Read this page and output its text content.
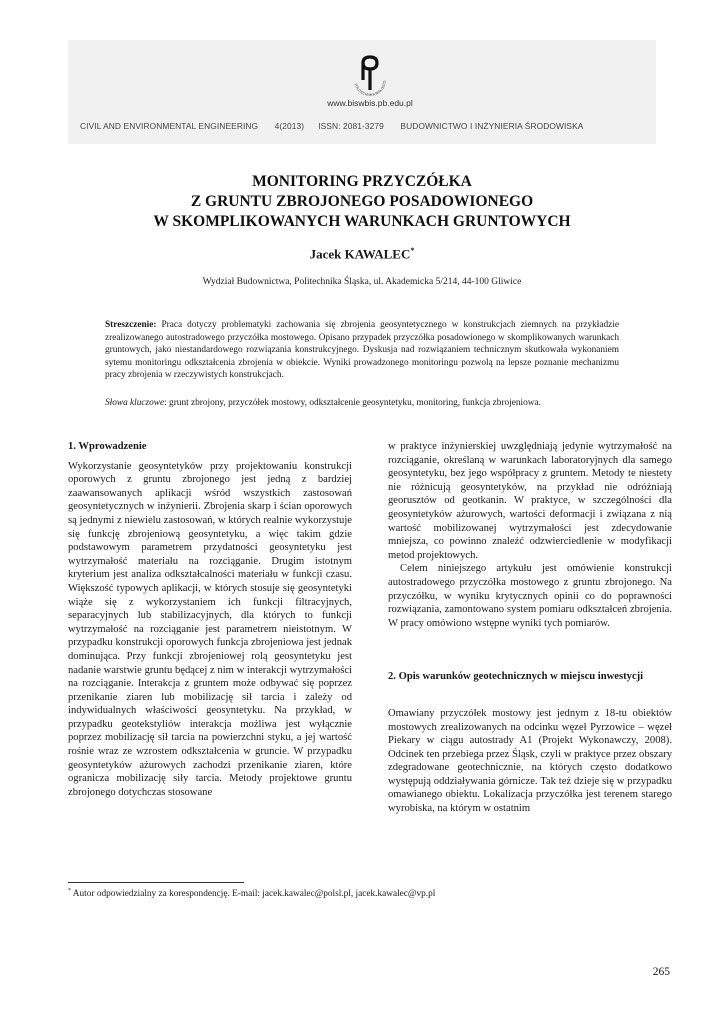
POLITECHNIKA BIAŁOSTO
www.biswbis.pb.edu.pl
CIVIL AND ENVIRONMENTAL ENGINEERING 4(2013) ISSN: 2081-3279 BUDOWNICTWO I INŻYNIERIA ŚRODOWISKA
MONITORING PRZYCZÓŁKA
Z GRUNTU ZBROJONEGO POSADOWIONEGO
W SKOMPLIKOWANYCH WARUNKACH GRUNTOWYCH
Jacek KAWALEC*
Wydział Budownictwa, Politechnika Śląska, ul. Akademicka 5/214, 44-100 Gliwice
Streszczenie: Praca dotyczy problematyki zachowania się zbrojenia geosyntetycznego w konstrukcjach ziemnych na przykładzie zrealizowanego autostradowego przyczółka mostowego. Opisano przypadek przyczółka posadowionego w skomplikowanych warunkach gruntowych, jako niestandardowego rozwiązania konstrukcyjnego. Dyskusja nad rozwiązaniem technicznym skutkowała wykonaniem sytemu monitoringu odkształcenia zbrojenia w obiekcie. Wyniki prowadzonego monitoringu pozwolą na lepsze poznanie mechanizmu pracy zbrojenia w rzeczywistych konstrukcjach.
Słowa kluczowe: grunt zbrojony, przyczółek mostowy, odkształcenie geosyntetyku, monitoring, funkcja zbrojeniowa.

1. Wprowadzenie

Wykorzystanie geosyntetyków przy projektowaniu konstrukcji oporowych z gruntu zbrojonego jest jedną z bardziej zaawansowanych aplikacji wśród wszystkich zastosowań geosyntetycznych w inżynierii. Zbrojenia skarp i ścian oporowych są jednymi z niewielu zastosowań, w których realnie wykorzystuje się funkcję zbrojeniową geosyntetyku, a więc takim gdzie podstawowym parametrem przydatności geosyntetyku jest wytrzymałość materiału na rozciąganie. Drugim istotnym kryterium jest analiza odkształcalności materiału w funkcji czasu. Większość typowych aplikacji, w których stosuje się geosyntetyki wiąże się z wykorzystaniem ich funkcji filtracyjnych, separacyjnych lub stabilizacyjnych, dla których to funkcji wytrzymałość na rozciąganie jest parametrem nieistotnym. W przypadku konstrukcji oporowych funkcja zbrojeniowa jest jednak dominująca. Przy funkcji zbrojeniowej rolą geosyntetyku jest nadanie warstwie gruntu będącej z nim w interakcji wytrzymałości na rozciąganie. Interakcja z gruntem może odbywać się poprzez przenikanie ziaren lub mobilizację sił tarcia i zależy od indywidualnych właściwości geosyntetyku. Na przykład, w przypadku geotekstyliów interakcja możliwa jest wyłącznie poprzez mobilizację sił tarcia na powierzchni styku, a jej wartość rośnie wraz ze wzrostem odkształcenia w gruncie. W przypadku geosyntetyków ażurowych zachodzi przenikanie ziaren, które ogranicza mobilizację siły tarcia. Metody projektowe gruntu zbrojonego dotychczas stosowane

w praktyce inżynierskiej uwzględniają jedynie wytrzymałość na rozciąganie, określaną w warunkach laboratoryjnych dla samego geosyntetyku, bez jego współpracy z gruntem. Metody te niestety nie różnicują geosyntetyków, na przykład nie odróżniają georusztów od geotkanin. W praktyce, w szczególności dla geosyntetyków ażurowych, wartości deformacji i związana z nią wartość mobilizowanej wytrzymałości jest zdecydowanie mniejsza, co powinno znaleźć odzwierciedlenie w modyfikacji metod projektowych.

Celem niniejszego artykułu jest omówienie konstrukcji autostradowego przyczółka mostowego z gruntu zbrojonego. Na przyczółku, w wyniku krytycznych opinii co do poprawności rozwiązania, zamontowano system pomiaru odkształceń zbrojenia. W pracy omówiono wstępne wyniki tych pomiarów.

2. Opis warunków geotechnicznych w miejscu inwestycji

Omawiany przyczółek mostowy jest jednym z 18-tu obiektów mostowych zrealizowanych na odcinku węzeł Pyrzowice – węzeł Piekary w ciągu autostrady A1 (Projekt Wykonawczy, 2008). Odcinek ten przebiega przez Śląsk, czyli w praktyce przez obszary zdegradowane geotechnicznie, na których często dodatkowo występują oddziaływania górnicze. Tak też dzieje się w przypadku omawianego obiektu. Lokalizacja przyczółka jest terenem starego wyrobiska, na którym w ostatnim

* Autor odpowiedzialny za korespondencję. E-mail: jacek.kawalec@polsl.pl, jacek.kawalec@vp.pl
265
